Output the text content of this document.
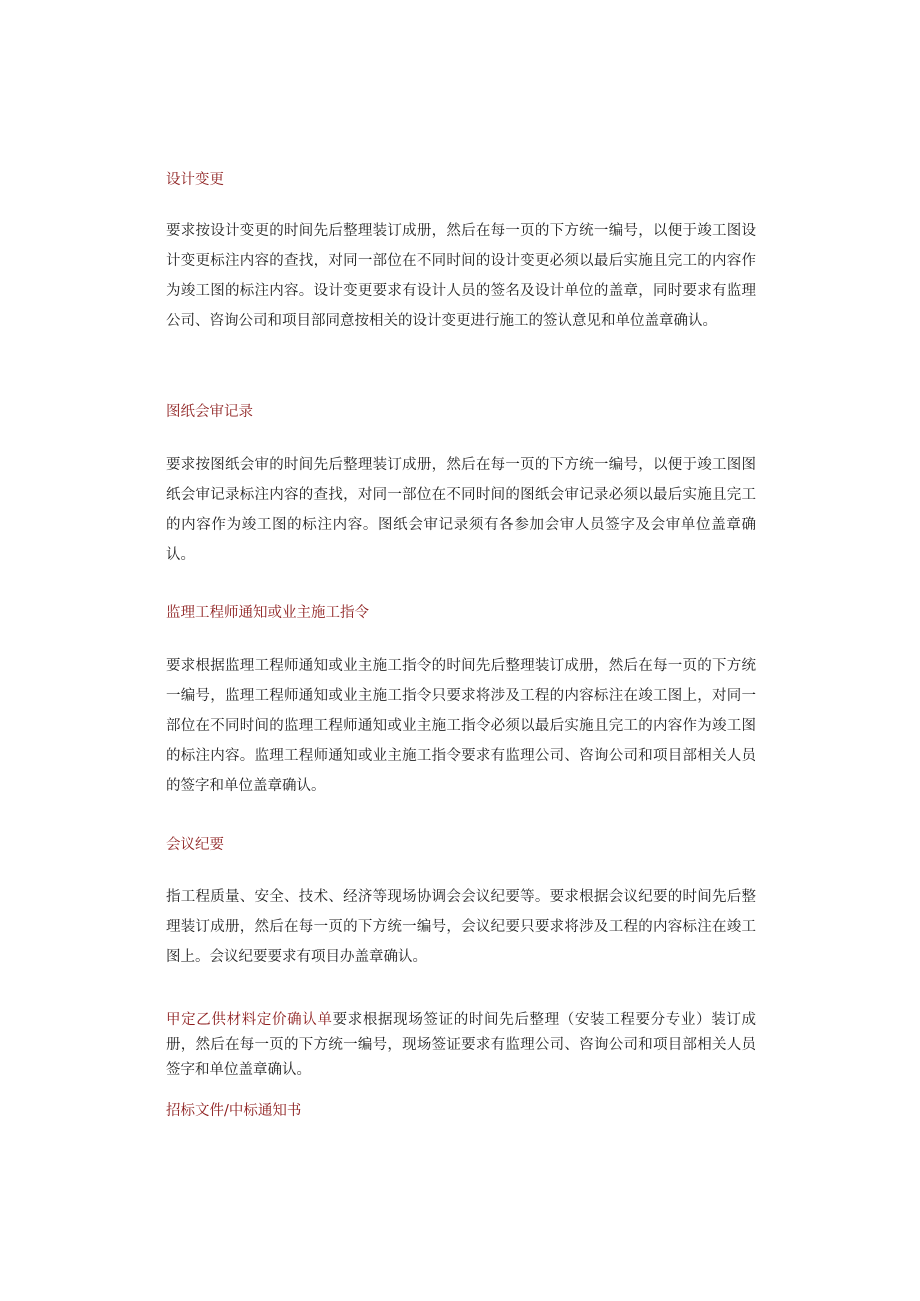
设计变更

要求按设计变更的时间先后整理装订成册，然后在每一页的下方统一编号，以便于竣工图设计变更标注内容的查找，对同一部位在不同时间的设计变更必须以最后实施且完工的内容作为竣工图的标注内容。设计变更要求有设计人员的签名及设计单位的盖章，同时要求有监理公司、咨询公司和项目部同意按相关的设计变更进行施工的签认意见和单位盖章确认。

图纸会审记录

要求按图纸会审的时间先后整理装订成册，然后在每一页的下方统一编号，以便于竣工图图纸会审记录标注内容的查找，对同一部位在不同时间的图纸会审记录必须以最后实施且完工的内容作为竣工图的标注内容。图纸会审记录须有各参加会审人员签字及会审单位盖章确认。

监理工程师通知或业主施工指令

要求根据监理工程师通知或业主施工指令的时间先后整理装订成册，然后在每一页的下方统一编号，监理工程师通知或业主施工指令只要求将涉及工程的内容标注在竣工图上，对同一部位在不同时间的监理工程师通知或业主施工指令必须以最后实施且完工的内容作为竣工图的标注内容。监理工程师通知或业主施工指令要求有监理公司、咨询公司和项目部相关人员的签字和单位盖章确认。

会议纪要

指工程质量、安全、技术、经济等现场协调会会议纪要等。要求根据会议纪要的时间先后整理装订成册，然后在每一页的下方统一编号，会议纪要只要求将涉及工程的内容标注在竣工图上。会议纪要要求有项目办盖章确认。

甲定乙供材料定价确认单要求根据现场签证的时间先后整理（安装工程要分专业）装订成册，然后在每一页的下方统一编号，现场签证要求有监理公司、咨询公司和项目部相关人员签字和单位盖章确认。

招标文件/中标通知书
